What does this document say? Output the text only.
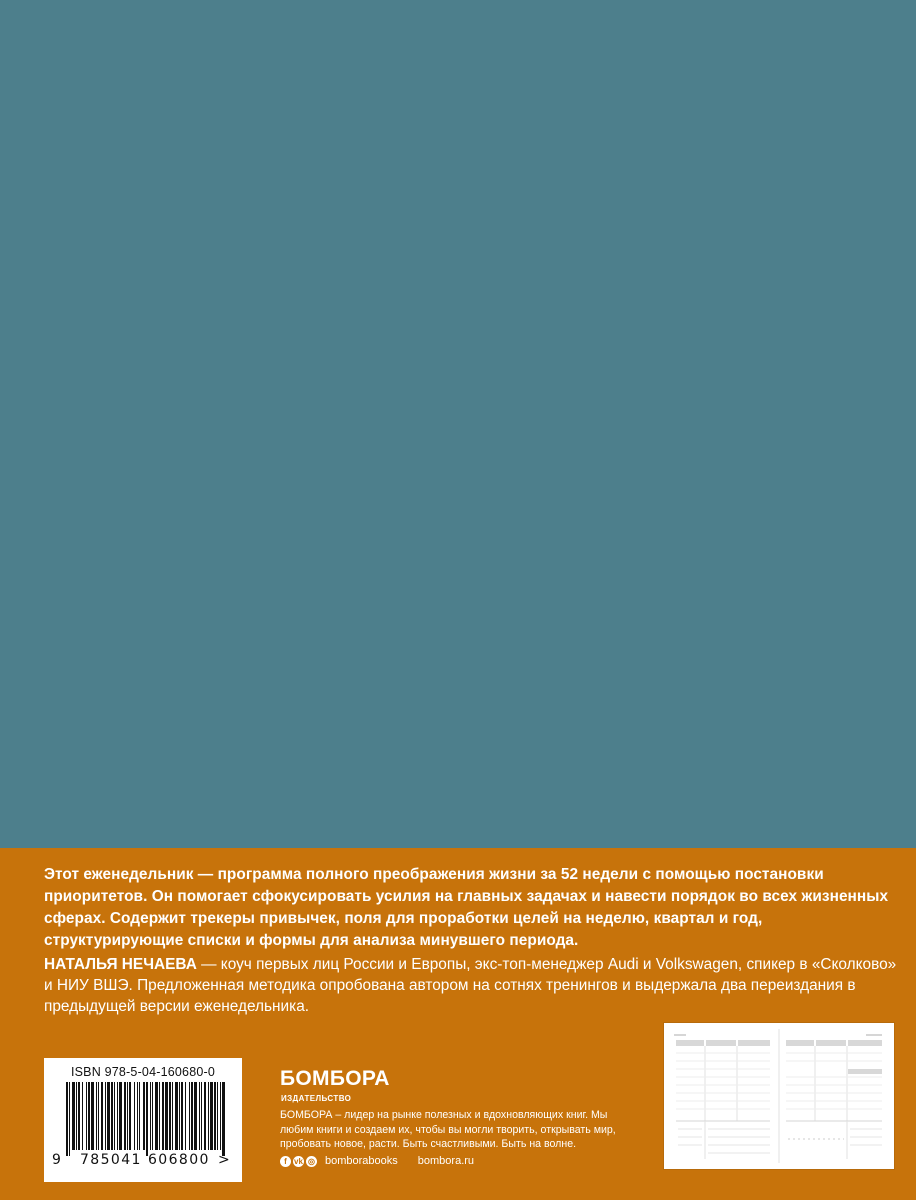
Этот еженедельник — программа полного преображения жизни за 52 недели с помощью постановки приоритетов. Он помогает сфокусировать усилия на главных задачах и навести порядок во всех жизненных сферах. Содержит трекеры привычек, поля для проработки целей на неделю, квартал и год, структурирующие списки и формы для анализа минувшего периода.

НАТАЛЬЯ НЕЧАЕВА — коуч первых лиц России и Европы, экс-топ-менеджер Audi и Volkswagen, спикер в «Сколково» и НИУ ВШЭ. Предложенная методика опробована автором на сотнях тренингов и выдержала два переиздания в предыдущей версии еженедельника.

ISBN 978-5-04-160680-0
9 785041 606800 >
БОМБОРА
ИЗДАТЕЛЬСТВО

БОМБОРА – лидер на рынке полезных и вдохновляющих книг. Мы любим книги и создаем их, чтобы вы могли творить, открывать мир, пробовать новое, расти. Быть счастливыми. Быть на волне.

f vk ◎ bomborabooks bombora.ru
